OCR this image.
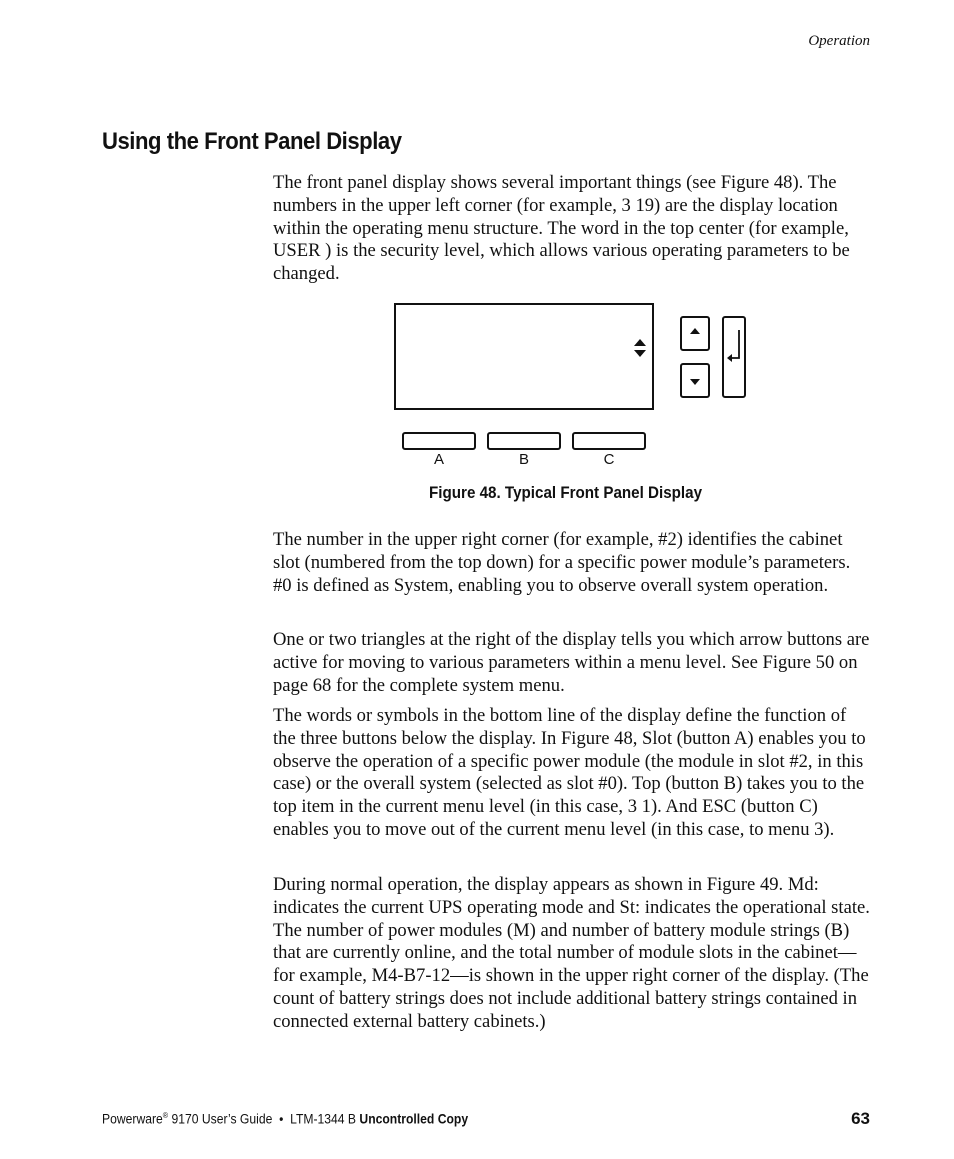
Operation
Using the Front Panel Display

The front panel display shows several important things (see Figure 48). The numbers in the upper left corner (for example, 3 19) are the display location within the operating menu structure. The word in the top center (for example, USER ) is the security level, which allows various operating parameters to be changed.

A	B	C

Figure 48. Typical Front Panel Display

The number in the upper right corner (for example, #2) identifies the cabinet slot (numbered from the top down) for a specific power module’s parameters. #0 is defined as System, enabling you to observe overall system operation.

One or two triangles at the right of the display tells you which arrow buttons are active for moving to various parameters within a menu level. See Figure 50 on page 68 for the complete system menu.

The words or symbols in the bottom line of the display define the function of the three buttons below the display. In Figure 48, Slot (button A) enables you to observe the operation of a specific power module (the module in slot #2, in this case) or the overall system (selected as slot #0). Top (button B) takes you to the top item in the current menu level (in this case, 3 1). And ESC (button C) enables you to move out of the current menu level (in this case, to menu 3).

During normal operation, the display appears as shown in Figure 49. Md: indicates the current UPS operating mode and St: indicates the operational state. The number of power modules (M) and number of battery module strings (B) that are currently online, and the total number of module slots in the cabinet—for example, M4-B7-12—is shown in the upper right corner of the display. (The count of battery strings does not include additional battery strings contained in connected external battery cabinets.)

Powerware® 9170 User’s Guide  •  LTM-1344 B Uncontrolled Copy	63
